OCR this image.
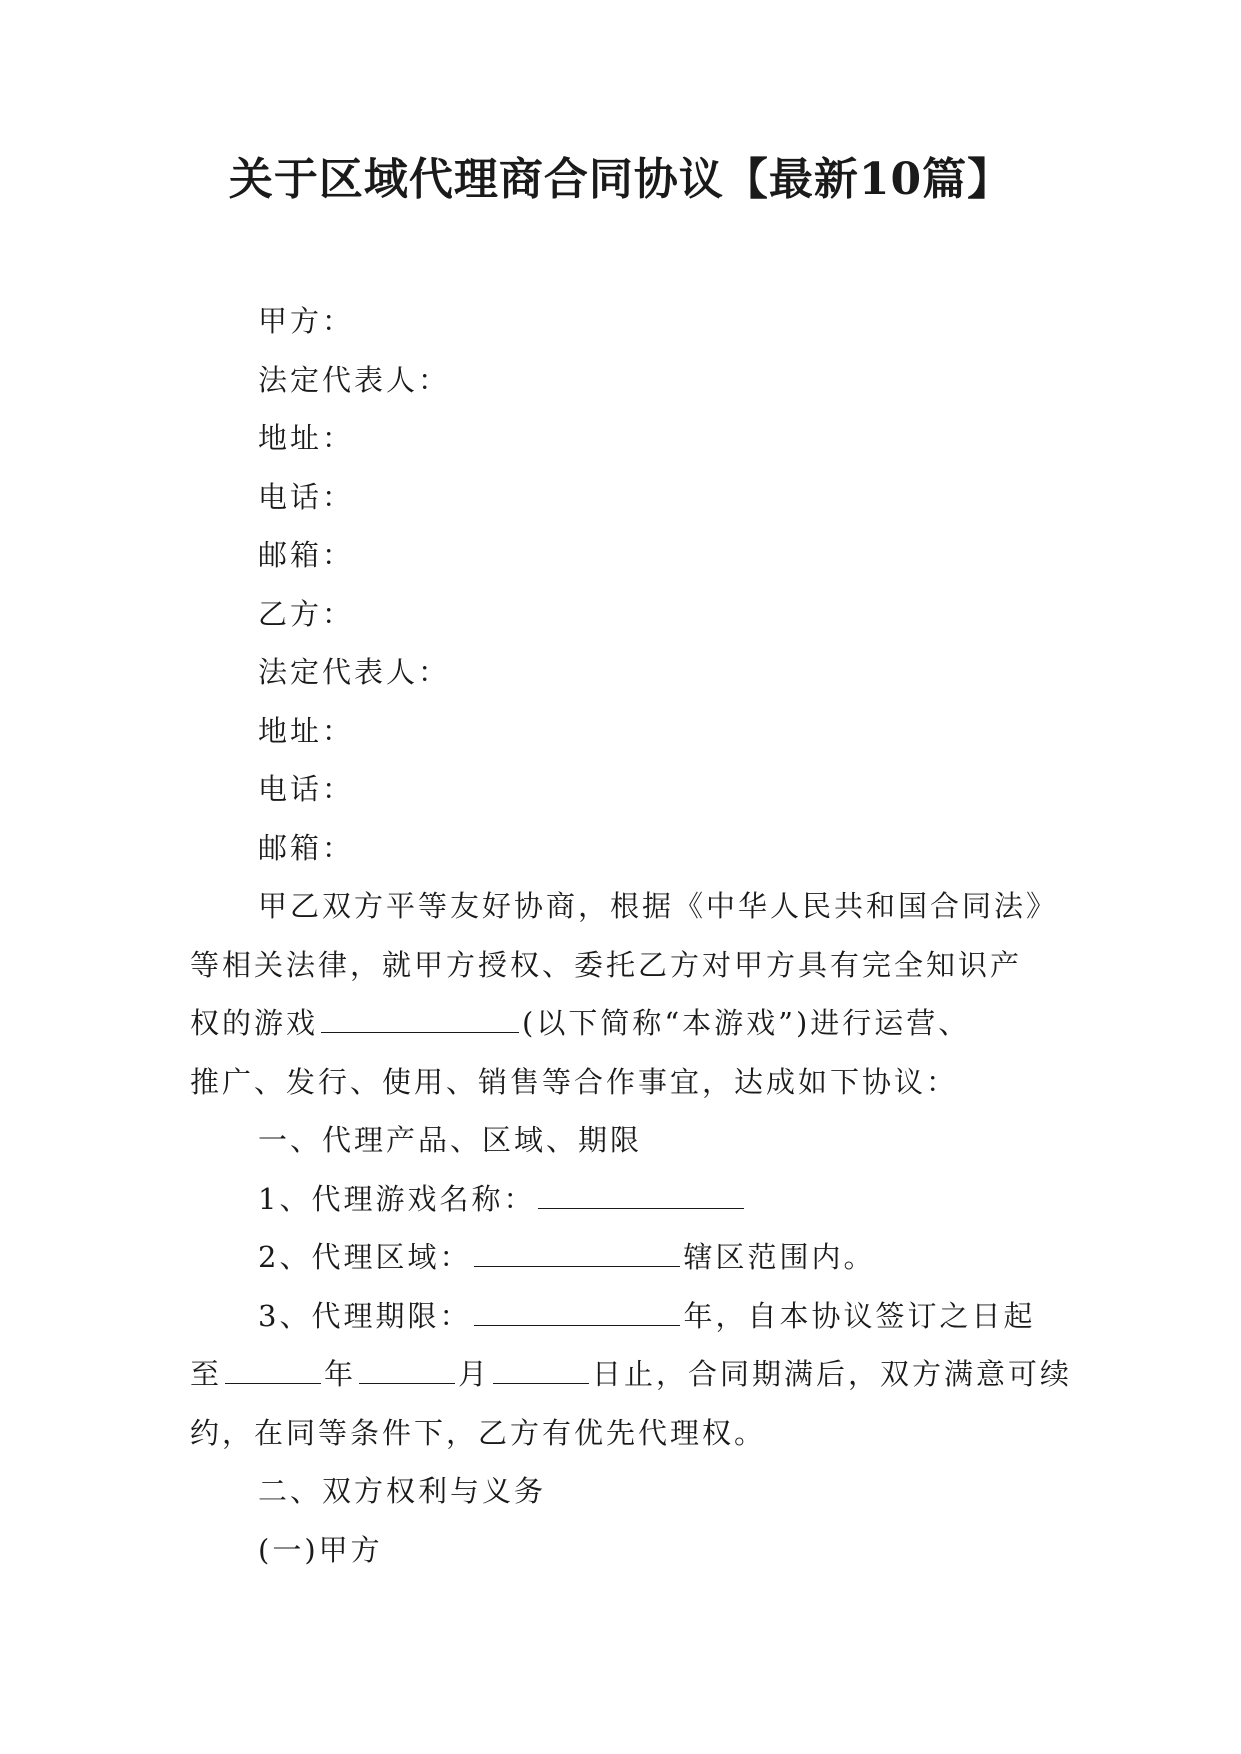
关于区域代理商合同协议【最新10篇】

甲方：

法定代表人：

地址：

电话：

邮箱：

乙方：

法定代表人：

地址：

电话：

邮箱：

甲乙双方平等友好协商，根据《中华人民共和国合同法》

等相关法律，就甲方授权、委托乙方对甲方具有完全知识产

权的游戏	(以下简称“本游戏”)进行运营、

推广、发行、使用、销售等合作事宜，达成如下协议：

一、代理产品、区域、期限

1、代理游戏名称：

2、代理区域：	辖区范围内。

3、代理期限：	年，自本协议签订之日起

至	年	月	日止，合同期满后，双方满意可续

约，在同等条件下，乙方有优先代理权。

二、双方权利与义务

(一)甲方
